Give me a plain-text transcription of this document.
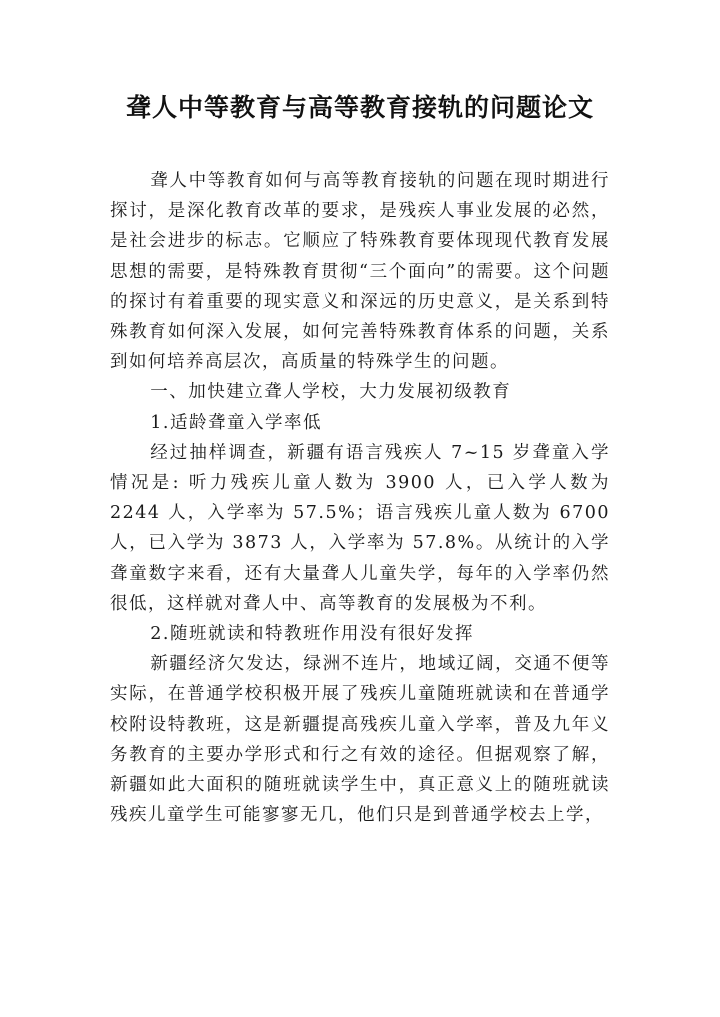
聋人中等教育与高等教育接轨的问题论文

聋人中等教育如何与高等教育接轨的问题在现时期进行探讨，是深化教育改革的要求，是残疾人事业发展的必然，是社会进步的标志。它顺应了特殊教育要体现现代教育发展思想的需要，是特殊教育贯彻“三个面向”的需要。这个问题的探讨有着重要的现实意义和深远的历史意义，是关系到特殊教育如何深入发展，如何完善特殊教育体系的问题，关系到如何培养高层次，高质量的特殊学生的问题。

一、加快建立聋人学校，大力发展初级教育

1.适龄聋童入学率低

经过抽样调查，新疆有语言残疾人 7~15 岁聋童入学情况是: 听力残疾儿童人数为 3900 人，已入学人数为 2244 人，入学率为 57.5%；语言残疾儿童人数为 6700 人，已入学为 3873 人，入学率为 57.8%。从统计的入学聋童数字来看，还有大量聋人儿童失学，每年的入学率仍然很低，这样就对聋人中、高等教育的发展极为不利。

2.随班就读和特教班作用没有很好发挥

新疆经济欠发达，绿洲不连片，地域辽阔，交通不便等实际，在普通学校积极开展了残疾儿童随班就读和在普通学校附设特教班，这是新疆提高残疾儿童入学率，普及九年义务教育的主要办学形式和行之有效的途径。但据观察了解，新疆如此大面积的随班就读学生中，真正意义上的随班就读残疾儿童学生可能寥寥无几，他们只是到普通学校去上学，
